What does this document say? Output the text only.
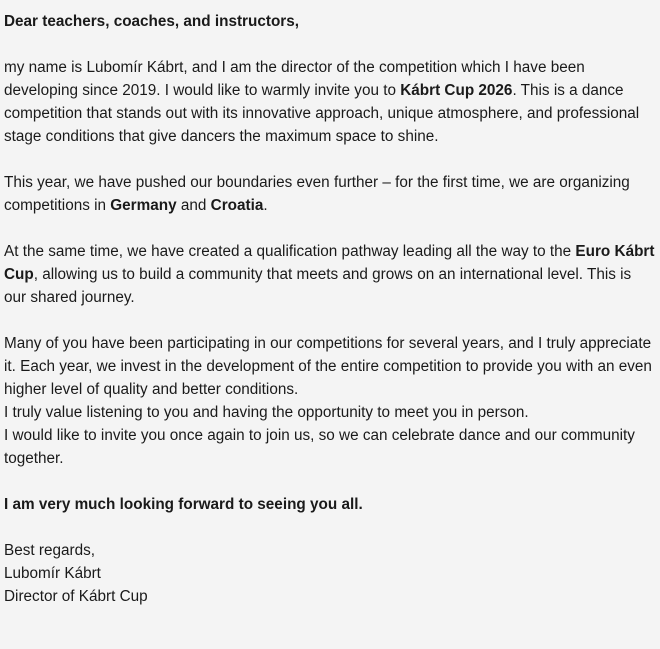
Dear teachers, coaches, and instructors,

my name is Lubomír Kábrt, and I am the director of the competition which I have been developing since 2019. I would like to warmly invite you to Kábrt Cup 2026. This is a dance competition that stands out with its innovative approach, unique atmosphere, and professional stage conditions that give dancers the maximum space to shine.

This year, we have pushed our boundaries even further – for the first time, we are organizing competitions in Germany and Croatia.

At the same time, we have created a qualification pathway leading all the way to the Euro Kábrt Cup, allowing us to build a community that meets and grows on an international level. This is our shared journey.

Many of you have been participating in our competitions for several years, and I truly appreciate it. Each year, we invest in the development of the entire competition to provide you with an even higher level of quality and better conditions.
I truly value listening to you and having the opportunity to meet you in person.
I would like to invite you once again to join us, so we can celebrate dance and our community together.

I am very much looking forward to seeing you all.

Best regards,
Lubomír Kábrt
Director of Kábrt Cup
